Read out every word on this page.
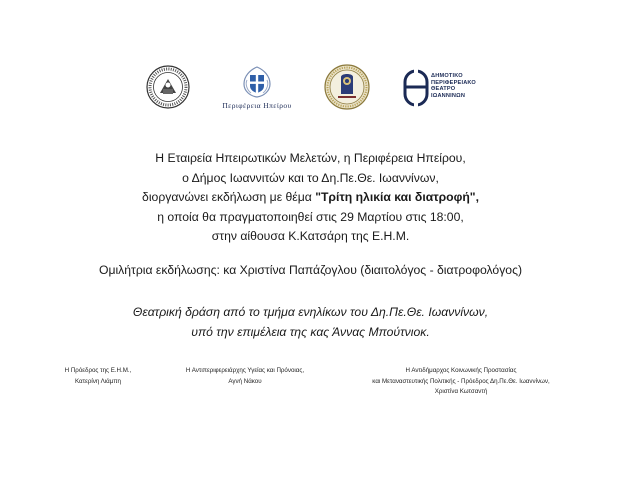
Περιφέρεια Ηπείρου
ΔΗΜΟΤΙΚΟ
ΠΕΡΙΦΕΡΕΙΑΚΟ
ΘΕΑΤΡΟ
ΙΩΑΝΝΙΝΩΝ
Η Εταιρεία Ηπειρωτικών Μελετών, η Περιφέρεια Ηπείρου,
ο Δήμος Ιωαννιτών και το Δη.Πε.Θε. Ιωαννίνων,
διοργανώνει εκδήλωση με θέμα "Τρίτη ηλικία και διατροφή",
η οποία θα πραγματοποιηθεί στις 29 Μαρτίου στις 18:00,
στην αίθουσα Κ.Κατσάρη της Ε.Η.Μ.
Ομιλήτρια εκδήλωσης: κα Χριστίνα Παπάζογλου (διαιτολόγος - διατροφολόγος)
Θεατρική δράση από το τμήμα ενηλίκων του Δη.Πε.Θε. Ιωαννίνων,
υπό την επιμέλεια της κας Άννας Μπούτνιοκ.
Η Πρόεδρος της Ε.Η.Μ.,
Κατερίνη Λιάμπη
Η Αντιπεριφερειάρχης Υγείας και Πρόνοιας,
Αγνή Νάκου
Η Αντιδήμαρχος Κοινωνικής Προστασίας
και Μεταναστευτικής Πολιτικής - Πρόεδρος Δη.Πε.Θε. Ιωαννίνων,
Χριστίνα Κωτσαντή
